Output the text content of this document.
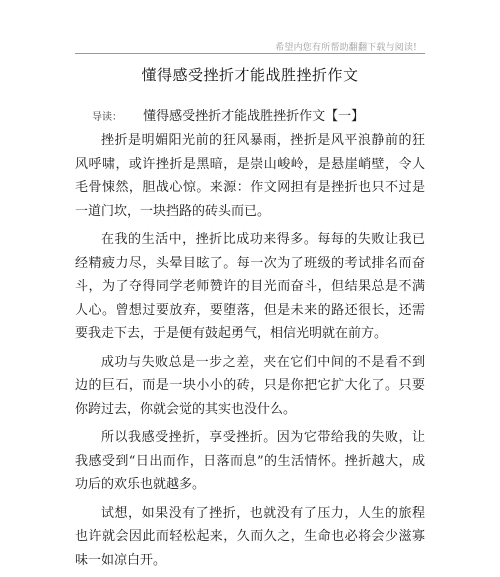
希望内您有所帮助翻翻下载与阅读!
懂得感受挫折才能战胜挫折作文
导读： 懂得感受挫折才能战胜挫折作文【一】

挫折是明媚阳光前的狂风暴雨，挫折是风平浪静前的狂风呼啸，或许挫折是黑暗，是崇山峻岭，是悬崖峭壁，令人毛骨悚然，胆战心惊。来源：作文网担有是挫折也只不过是一道门坎，一块挡路的砖头而已。

在我的生活中，挫折比成功来得多。每每的失败让我已经精疲力尽，头晕目眩了。每一次为了班级的考试排名而奋斗，为了夺得同学老师赞许的目光而奋斗，但结果总是不满人心。曾想过要放弃，要堕落，但是未来的路还很长，还需要我走下去，于是便有鼓起勇气，相信光明就在前方。

成功与失败总是一步之差，夹在它们中间的不是看不到边的巨石，而是一块小小的砖，只是你把它扩大化了。只要你跨过去，你就会觉的其实也没什么。

所以我感受挫折，享受挫折。因为它带给我的失败，让我感受到“日出而作，日落而息”的生活情怀。挫折越大，成功后的欢乐也就越多。

试想，如果没有了挫折，也就没有了压力，人生的旅程也许就会因此而轻松起来，久而久之，生命也必将会少滋寡味一如凉白开。
